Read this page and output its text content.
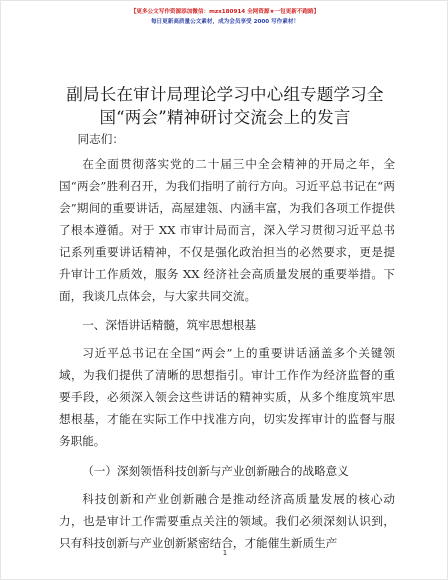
【更多公文写作资源添加微信：mzx180914 全网资源★一包更新不跑路】
每日更新高质量公文素材，成为会员享受 2000 写作素材！
副局长在审计局理论学习中心组专题学习全国“两会”精神研讨交流会上的发言

同志们：

在全面贯彻落实党的二十届三中全会精神的开局之年，全国“两会”胜利召开，为我们指明了前行方向。习近平总书记在“两会”期间的重要讲话，高屋建瓴、内涵丰富，为我们各项工作提供了根本遵循。对于 XX 市审计局而言，深入学习贯彻习近平总书记系列重要讲话精神，不仅是强化政治担当的必然要求，更是提升审计工作质效，服务 XX 经济社会高质量发展的重要举措。下面，我谈几点体会，与大家共同交流。

一、深悟讲话精髓，筑牢思想根基

习近平总书记在全国“两会”上的重要讲话涵盖多个关键领域，为我们提供了清晰的思想指引。审计工作作为经济监督的重要手段，必须深入领会这些讲话的精神实质，从多个维度筑牢思想根基，才能在实际工作中找准方向，切实发挥审计的监督与服务职能。

（一）深刻领悟科技创新与产业创新融合的战略意义

科技创新和产业创新融合是推动经济高质量发展的核心动力，也是审计工作需要重点关注的领域。我们必须深刻认识到，只有科技创新与产业创新紧密结合，才能催生新质生产

1
